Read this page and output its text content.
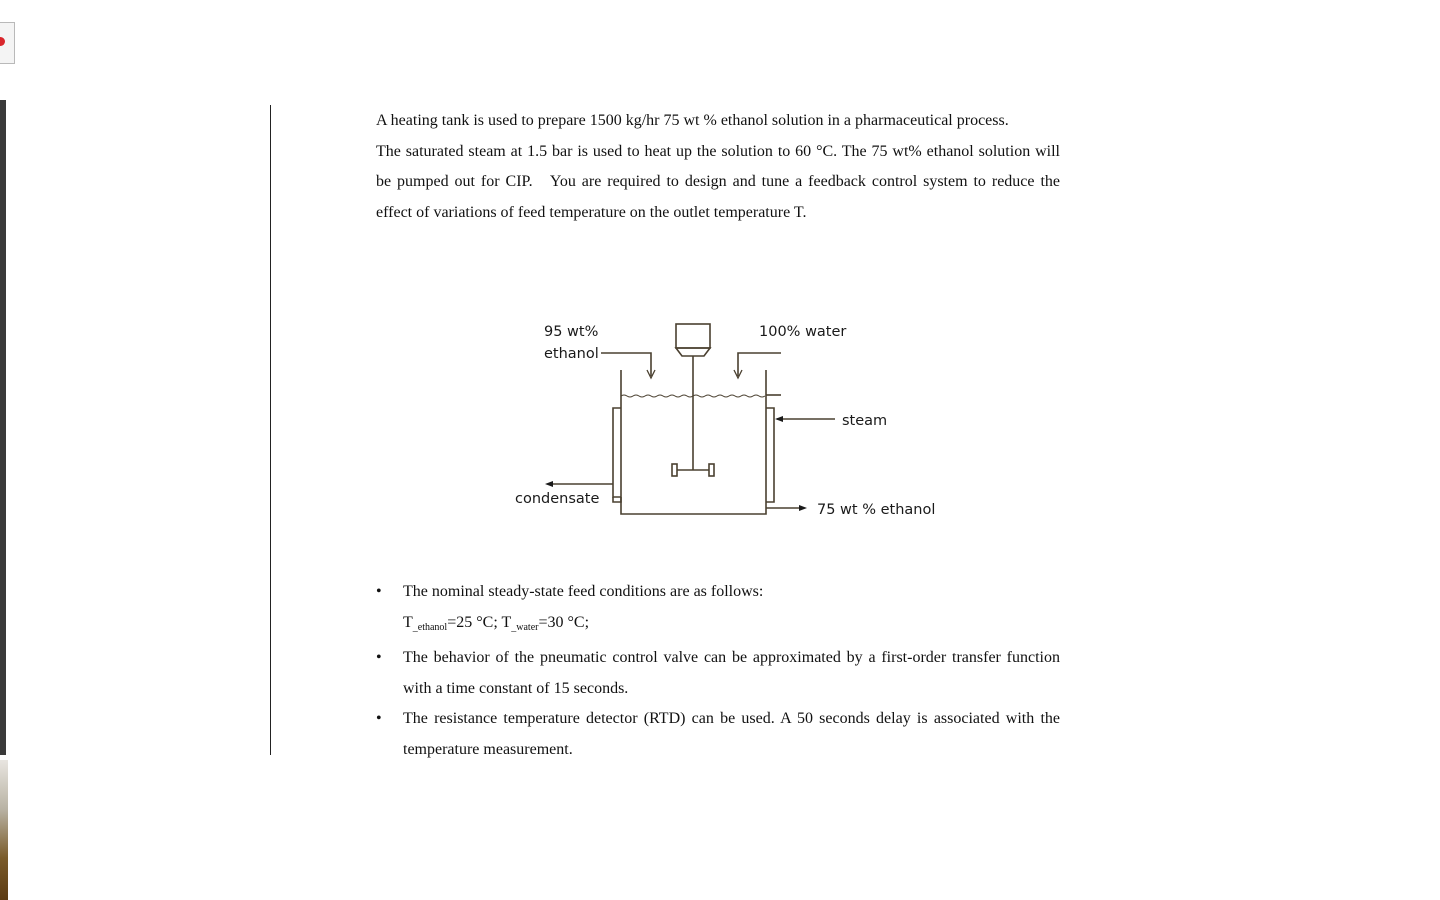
A heating tank is used to prepare 1500 kg/hr 75 wt % ethanol solution in a pharmaceutical process.

The saturated steam at 1.5 bar is used to heat up the solution to 60 °C. The 75 wt% ethanol solution will be pumped out for CIP.   You are required to design and tune a feedback control system to reduce the effect of variations of feed temperature on the outlet temperature T.

95 wt%
ethanol
100% water
steam
condensate
75 wt % ethanol
• The nominal steady-state feed conditions are as follows:
$T_{\_ethanol}=25$ °C; $T_{\_water}=30$ °C;
• The behavior of the pneumatic control valve can be approximated by a first-order transfer function with a time constant of 15 seconds.
• The resistance temperature detector (RTD) can be used. A 50 seconds delay is associated with the temperature measurement.
